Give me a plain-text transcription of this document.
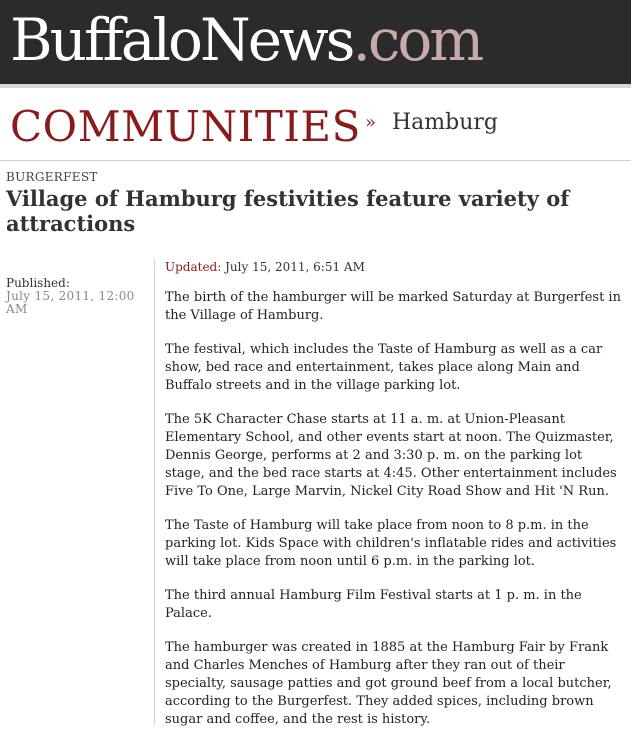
BuffaloNews.com
COMMUNITIES » Hamburg
BURGERFEST
Village of Hamburg festivities feature variety of attractions
Published:
July 15, 2011, 12:00 AM
Updated: July 15, 2011, 6:51 AM

The birth of the hamburger will be marked Saturday at Burgerfest in the Village of Hamburg.

The festival, which includes the Taste of Hamburg as well as a car show, bed race and entertainment, takes place along Main and Buffalo streets and in the village parking lot.

The 5K Character Chase starts at 11 a. m. at Union-Pleasant Elementary School, and other events start at noon. The Quizmaster, Dennis George, performs at 2 and 3:30 p. m. on the parking lot stage, and the bed race starts at 4:45. Other entertainment includes Five To One, Large Marvin, Nickel City Road Show and Hit 'N Run.

The Taste of Hamburg will take place from noon to 8 p.m. in the parking lot. Kids Space with children's inflatable rides and activities will take place from noon until 6 p.m. in the parking lot.

The third annual Hamburg Film Festival starts at 1 p. m. in the Palace.

The hamburger was created in 1885 at the Hamburg Fair by Frank and Charles Menches of Hamburg after they ran out of their specialty, sausage patties and got ground beef from a local butcher, according to the Burgerfest. They added spices, including brown sugar and coffee, and the rest is history.
